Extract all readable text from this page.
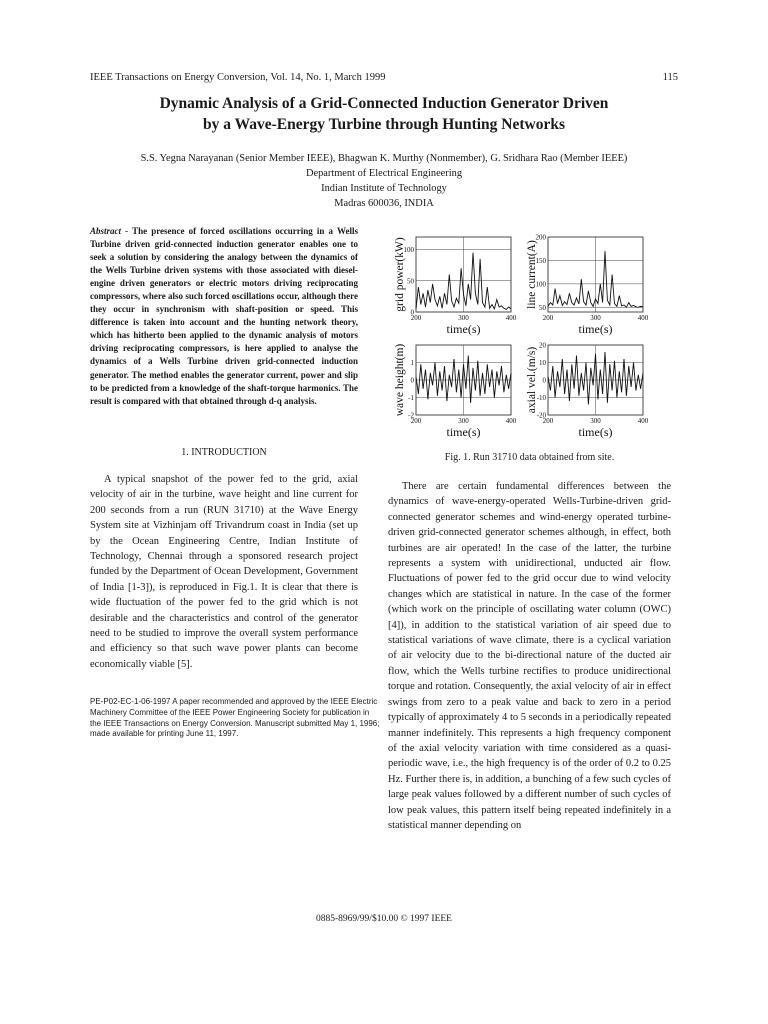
IEEE Transactions on Energy Conversion, Vol. 14, No. 1, March 1999	115
Dynamic Analysis of a Grid-Connected Induction Generator Driven
by a Wave-Energy Turbine through Hunting Networks
S.S. Yegna Narayanan (Senior Member IEEE), Bhagwan K. Murthy (Nonmember), G. Sridhara Rao (Member IEEE)
Department of Electrical Engineering
Indian Institute of Technology
Madras 600036, INDIA
Abstract - The presence of forced oscillations occurring in a Wells Turbine driven grid-connected induction generator enables one to seek a solution by considering the analogy between the dynamics of the Wells Turbine driven systems with those associated with diesel-engine driven generators or electric motors driving reciprocating compressors, where also such forced oscillations occur, although there they occur in synchronism with shaft-position or speed. This difference is taken into account and the hunting network theory, which has hitherto been applied to the dynamic analysis of motors driving reciprocating compressors, is here applied to analyse the dynamics of a Wells Turbine driven grid-connected induction generator. The method enables the generator current, power and slip to be predicted from a knowledge of the shaft-torque harmonics. The result is compared with that obtained through d-q analysis.
1. INTRODUCTION
A typical snapshot of the power fed to the grid, axial velocity of air in the turbine, wave height and line current for 200 seconds from a run (RUN 31710) at the Wave Energy System site at Vizhinjam off Trivandrum coast in India (set up by the Ocean Engineering Centre, Indian Institute of Technology, Chennai through a sponsored research project funded by the Department of Ocean Development, Government of India [1-3]), is reproduced in Fig.1. It is clear that there is wide fluctuation of the power fed to the grid which is not desirable and the characteristics and control of the generator need to be studied to improve the overall system performance and efficiency so that such wave power plants can become economically viable [5].
PE-P02-EC-1-06-1997 A paper recommended and approved by the IEEE Electric Machinery Committee of the IEEE Power Engineering Society for publication in the IEEE Transactions on Energy Conversion. Manuscript submitted May 1, 1996; made available for printing June 11, 1997.
200	300	400
0
50
100
time(s)
grid power(kW)
200	300	400
50
100
150
200
time(s)
line current(A)
200	300	400
-2
-1
0
1
time(s)
wave height(m)
200	300	400
-20
-10
0
10
20
time(s)
axial vel.(m/s)
Fig. 1. Run 31710 data obtained from site.
There are certain fundamental differences between the dynamics of wave-energy-operated Wells-Turbine-driven grid-connected generator schemes and wind-energy operated turbine- driven grid-connected generator schemes although, in effect, both turbines are air operated! In the case of the latter, the turbine represents a system with unidirectional, unducted air flow. Fluctuations of power fed to the grid occur due to wind velocity changes which are statistical in nature. In the case of the former (which work on the principle of oscillating water column (OWC) [4]), in addition to the statistical variation of air speed due to statistical variations of wave climate, there is a cyclical variation of air velocity due to the bi-directional nature of the ducted air flow, which the Wells turbine rectifies to produce unidirectional torque and rotation. Consequently, the axial velocity of air in effect swings from zero to a peak value and back to zero in a period typically of approximately 4 to 5 seconds in a periodically repeated manner indefinitely. This represents a high frequency component of the axial velocity variation with time considered as a quasi-periodic wave, i.e., the high frequency is of the order of 0.2 to 0.25 Hz. Further there is, in addition, a bunching of a few such cycles of large peak values followed by a different number of such cycles of low peak values, this pattern itself being repeated indefinitely in a statistical manner depending on
0885-8969/99/$10.00 © 1997 IEEE
